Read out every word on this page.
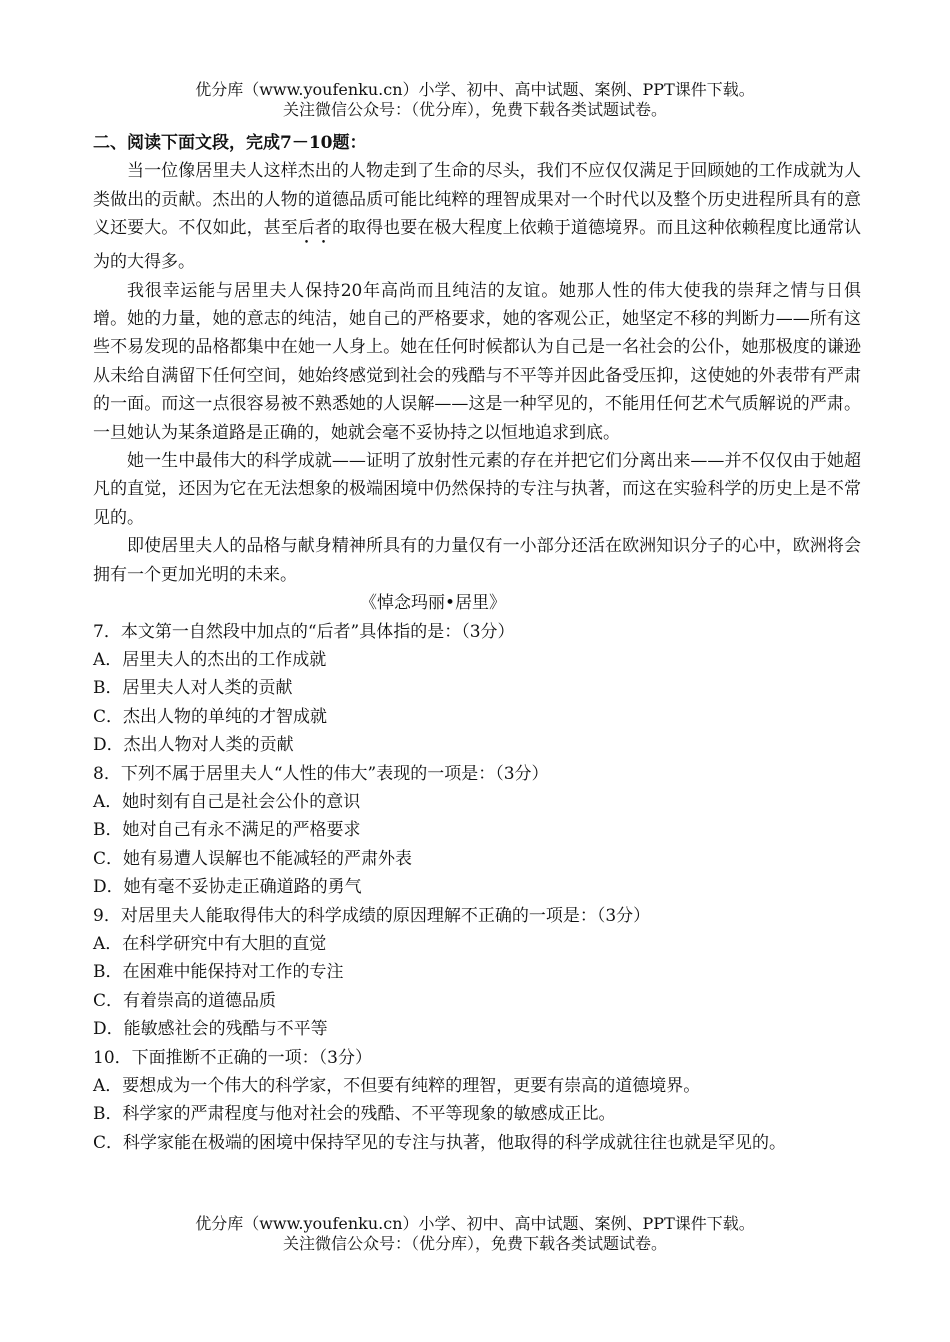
优分库（www.youfenku.cn）小学、初中、高中试题、案例、PPT课件下载。
关注微信公众号：（优分库），免费下载各类试题试卷。

二、阅读下面文段，完成7－10题：

当一位像居里夫人这样杰出的人物走到了生命的尽头，我们不应仅仅满足于回顾她的工作成就为人类做出的贡献。杰出的人物的道德品质可能比纯粹的理智成果对一个时代以及整个历史进程所具有的意义还要大。不仅如此，甚至后者的取得也要在极大程度上依赖于道德境界。而且这种依赖程度比通常认为的大得多。

我很幸运能与居里夫人保持20年高尚而且纯洁的友谊。她那人性的伟大使我的崇拜之情与日俱增。她的力量，她的意志的纯洁，她自己的严格要求，她的客观公正，她坚定不移的判断力——所有这些不易发现的品格都集中在她一人身上。她在任何时候都认为自己是一名社会的公仆，她那极度的谦逊从未给自满留下任何空间，她始终感觉到社会的残酷与不平等并因此备受压抑，这使她的外表带有严肃的一面。而这一点很容易被不熟悉她的人误解——这是一种罕见的，不能用任何艺术气质解说的严肃。一旦她认为某条道路是正确的，她就会毫不妥协持之以恒地追求到底。

她一生中最伟大的科学成就——证明了放射性元素的存在并把它们分离出来——并不仅仅由于她超凡的直觉，还因为它在无法想象的极端困境中仍然保持的专注与执著，而这在实验科学的历史上是不常见的。

即使居里夫人的品格与献身精神所具有的力量仅有一小部分还活在欧洲知识分子的心中，欧洲将会拥有一个更加光明的未来。

《悼念玛丽•居里》

7．本文第一自然段中加点的“后者”具体指的是：（3分）

A．居里夫人的杰出的工作成就

B．居里夫人对人类的贡献

C．杰出人物的单纯的才智成就

D．杰出人物对人类的贡献

8．下列不属于居里夫人“人性的伟大”表现的一项是：（3分）

A．她时刻有自己是社会公仆的意识

B．她对自己有永不满足的严格要求

C．她有易遭人误解也不能减轻的严肃外表

D．她有毫不妥协走正确道路的勇气

9．对居里夫人能取得伟大的科学成绩的原因理解不正确的一项是：（3分）

A．在科学研究中有大胆的直觉

B．在困难中能保持对工作的专注

C．有着崇高的道德品质

D．能敏感社会的残酷与不平等

10．下面推断不正确的一项：（3分）

A．要想成为一个伟大的科学家，不但要有纯粹的理智，更要有崇高的道德境界。

B．科学家的严肃程度与他对社会的残酷、不平等现象的敏感成正比。

C．科学家能在极端的困境中保持罕见的专注与执著，他取得的科学成就往往也就是罕见的。

优分库（www.youfenku.cn）小学、初中、高中试题、案例、PPT课件下载。
关注微信公众号：（优分库），免费下载各类试题试卷。
